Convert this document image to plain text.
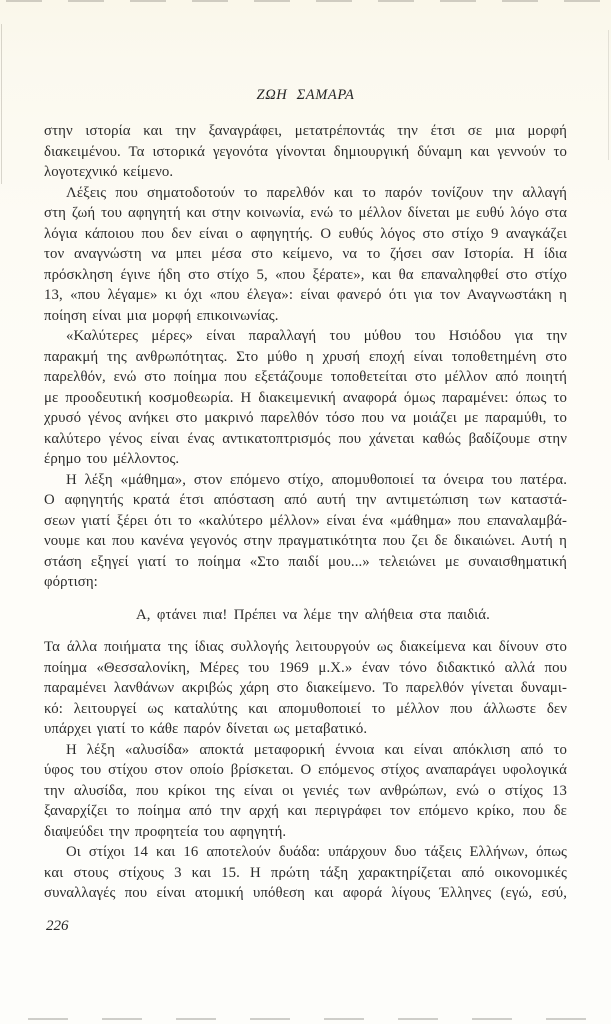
ΖΩΗ ΣΑΜΑΡΑ
στην ιστορία και την ξαναγράφει, μετατρέποντάς την έτσι σε μια μορφή
διακειμένου. Τα ιστορικά γεγονότα γίνονται δημιουργική δύναμη και γεννούν το
λογοτεχνικό κείμενο.
Λέξεις που σηματοδοτούν το παρελθόν και το παρόν τονίζουν την αλλαγή
στη ζωή του αφηγητή και στην κοινωνία, ενώ το μέλλον δίνεται με ευθύ λόγο στα
λόγια κάποιου που δεν είναι ο αφηγητής. Ο ευθύς λόγος στο στίχο 9 αναγκάζει
τον αναγνώστη να μπει μέσα στο κείμενο, να το ζήσει σαν Ιστορία. Η ίδια
πρόσκληση έγινε ήδη στο στίχο 5, «που ξέρατε», και θα επαναληφθεί στο στίχο
13, «που λέγαμε» κι όχι «που έλεγα»: είναι φανερό ότι για τον Αναγνωστάκη η
ποίηση είναι μια μορφή επικοινωνίας.
«Καλύτερες μέρες» είναι παραλλαγή του μύθου του Ησιόδου για την
παρακμή της ανθρωπότητας. Στο μύθο η χρυσή εποχή είναι τοποθετημένη στο
παρελθόν, ενώ στο ποίημα που εξετάζουμε τοποθετείται στο μέλλον από ποιητή
με προοδευτική κοσμοθεωρία. Η διακειμενική αναφορά όμως παραμένει: όπως το
χρυσό γένος ανήκει στο μακρινό παρελθόν τόσο που να μοιάζει με παραμύθι, το
καλύτερο γένος είναι ένας αντικατοπτρισμός που χάνεται καθώς βαδίζουμε στην
έρημο του μέλλοντος.
Η λέξη «μάθημα», στον επόμενο στίχο, απομυθοποιεί τα όνειρα του πατέρα.
Ο αφηγητής κρατά έτσι απόσταση από αυτή την αντιμετώπιση των καταστά-
σεων γιατί ξέρει ότι το «καλύτερο μέλλον» είναι ένα «μάθημα» που επαναλαμβά-
νουμε και που κανένα γεγονός στην πραγματικότητα που ζει δε δικαιώνει. Αυτή η
στάση εξηγεί γιατί το ποίημα «Στο παιδί μου...» τελειώνει με συναισθηματική
φόρτιση:
Α, φτάνει πια! Πρέπει να λέμε την αλήθεια στα παιδιά.
Τα άλλα ποιήματα της ίδιας συλλογής λειτουργούν ως διακείμενα και δίνουν στο
ποίημα «Θεσσαλονίκη, Μέρες του 1969 μ.Χ.» έναν τόνο διδακτικό αλλά που
παραμένει λανθάνων ακριβώς χάρη στο διακείμενο. Το παρελθόν γίνεται δυναμι-
κό: λειτουργεί ως καταλύτης και απομυθοποιεί το μέλλον που άλλωστε δεν
υπάρχει γιατί το κάθε παρόν δίνεται ως μεταβατικό.
Η λέξη «αλυσίδα» αποκτά μεταφορική έννοια και είναι απόκλιση από το
ύφος του στίχου στον οποίο βρίσκεται. Ο επόμενος στίχος αναπαράγει υφολογικά
την αλυσίδα, που κρίκοι της είναι οι γενιές των ανθρώπων, ενώ ο στίχος 13
ξαναρχίζει το ποίημα από την αρχή και περιγράφει τον επόμενο κρίκο, που δε
διαψεύδει την προφητεία του αφηγητή.
Οι στίχοι 14 και 16 αποτελούν δυάδα: υπάρχουν δυο τάξεις Ελλήνων, όπως
και στους στίχους 3 και 15. Η πρώτη τάξη χαρακτηρίζεται από οικονομικές
συναλλαγές που είναι ατομική υπόθεση και αφορά λίγους Έλληνες (εγώ, εσύ,
226
